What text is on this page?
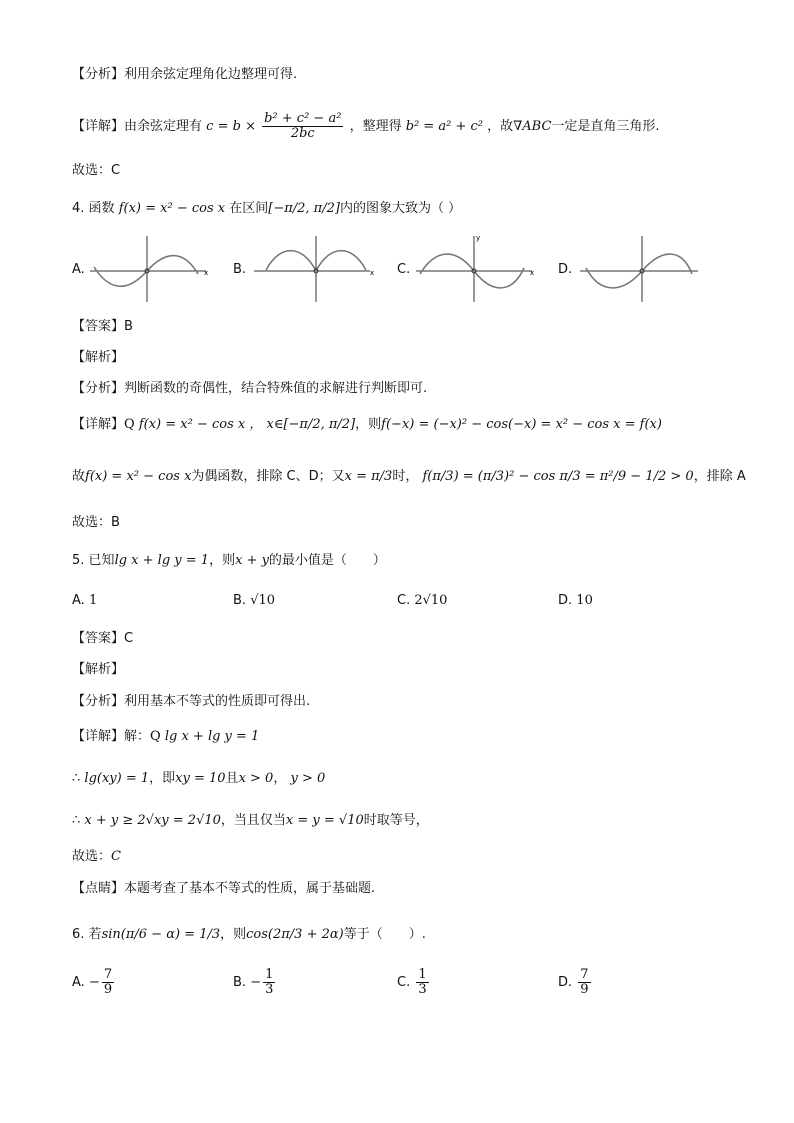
【分析】利用余弦定理角化边整理可得.
【详解】由余弦定理有 $c = b \times \frac{\text{b² + c² − a²}}{2bc}$ ，整理得 b² = a² + c² ，故∇ABC一定是直角三角形.
故选：C
4. 函数 f(x) = x² − cos x 在区间[−π/2, π/2]内的图象大致为（ ）
A.	B.	C.	D.
x	x
y
x
【答案】B
【解析】
【分析】判断函数的奇偶性，结合特殊值的求解进行判断即可.
【详解】Q f(x) = x² − cos x ， x∈[−π/2, π/2]，则f(−x) = (−x)² − cos(−x) = x² − cos x = f(x)
故f(x) = x² − cos x为偶函数，排除 C、D；又x = π/3时， f(π/3) = (π/3)² − cos π/3 = π²/9 − 1/2 > 0，排除 A
故选：B
5. 已知lg x + lg y = 1，则x + y的最小值是（　　）
A. 1	B. √10	C. 2√10	D. 10
【答案】C
【解析】
【分析】利用基本不等式的性质即可得出.
【详解】解：Q lg x + lg y = 1
∴ lg(xy) = 1，即xy = 10且x > 0， y > 0
∴ x + y ≥ 2√xy = 2√10，当且仅当x = y = √10时取等号，
故选：C
【点睛】本题考查了基本不等式的性质，属于基础题.
6. 若sin(π/6 − α) = 1/3，则cos(2π/3 + 2α)等于（　　）.
A. − $\frac{7}{9}$	B. − $\frac{1}{3}$	C. $\frac{1}{3}$	D. $\frac{7}{9}$
